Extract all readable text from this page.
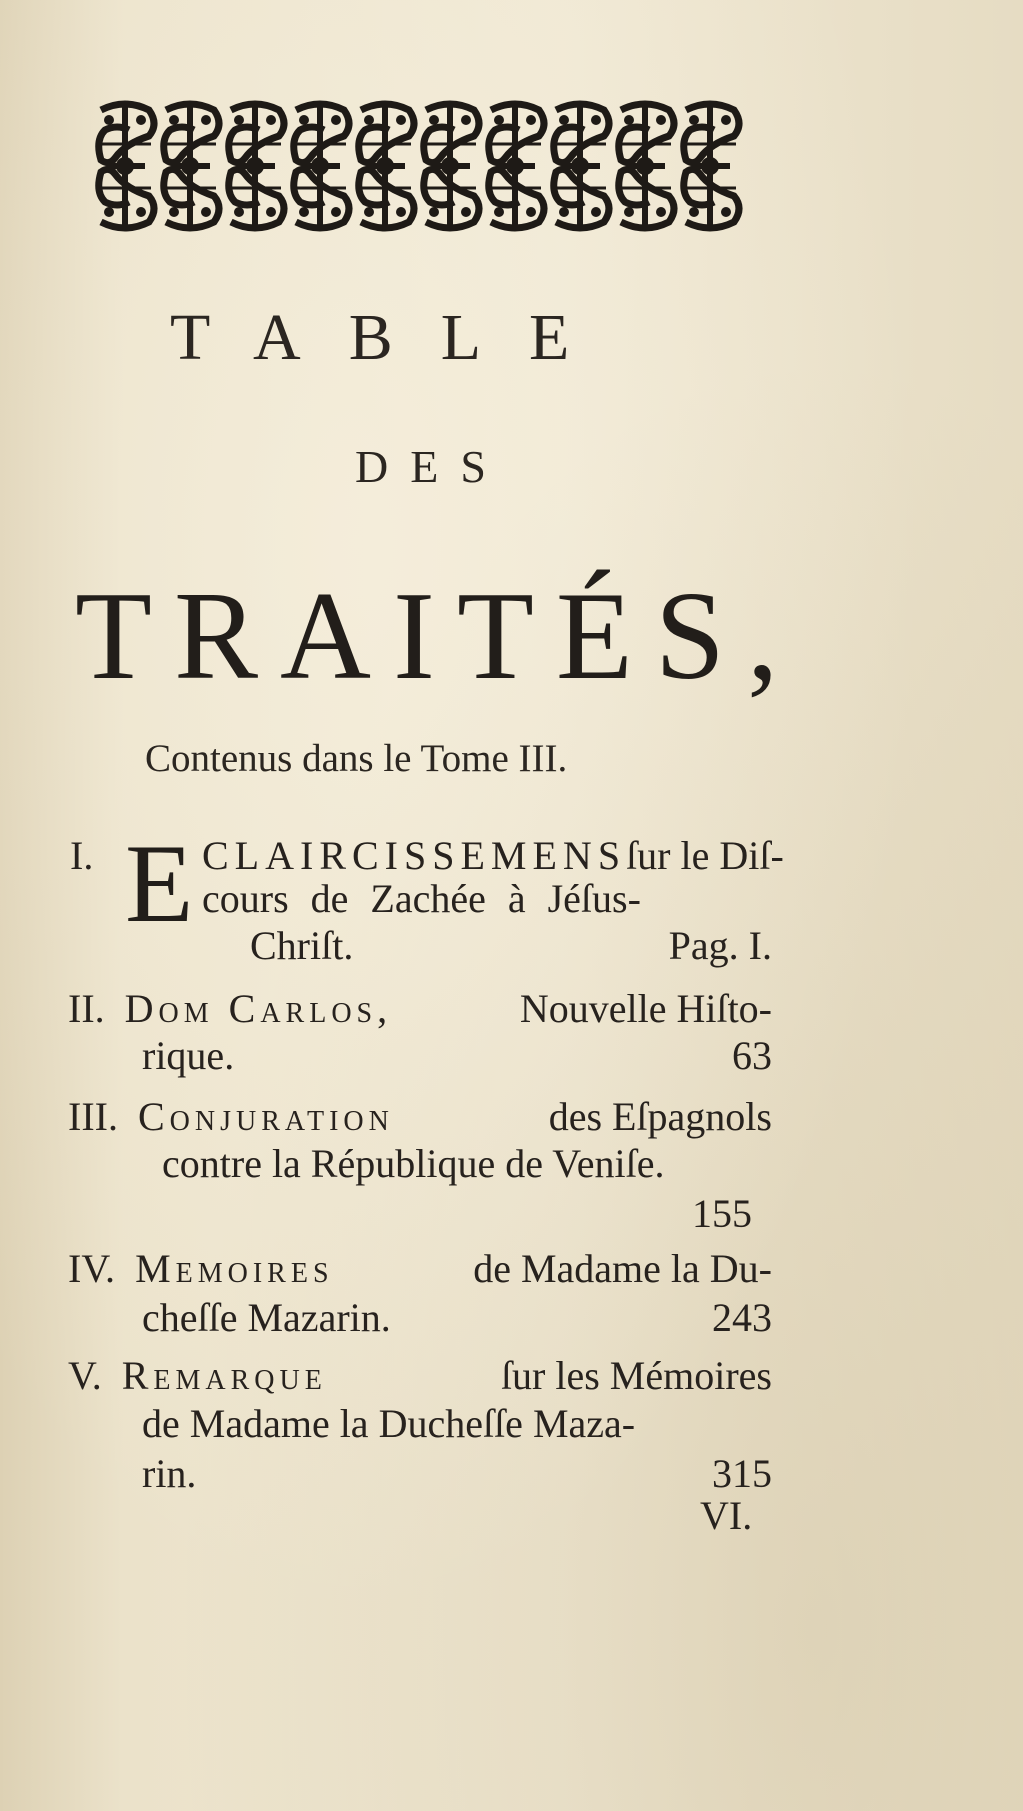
TABLE
DES
TRAITÉS,
Contenus dans le Tome III.
I. E CLAIRCISSEMENS ſur le Diſ-
cours de Zachée à Jéſus-
Chriſt.	Pag. I.
II. Dom Carlos,	Nouvelle Hiſto-
rique.	63
III. Conjuration	des Eſpagnols
contre la République de Veniſe.
155
IV. Memoires	de Madame la Du-
cheſſe Mazarin.	243
V. Remarque	ſur les Mémoires
de Madame la Ducheſſe Maza-
rin.	315
VI.
